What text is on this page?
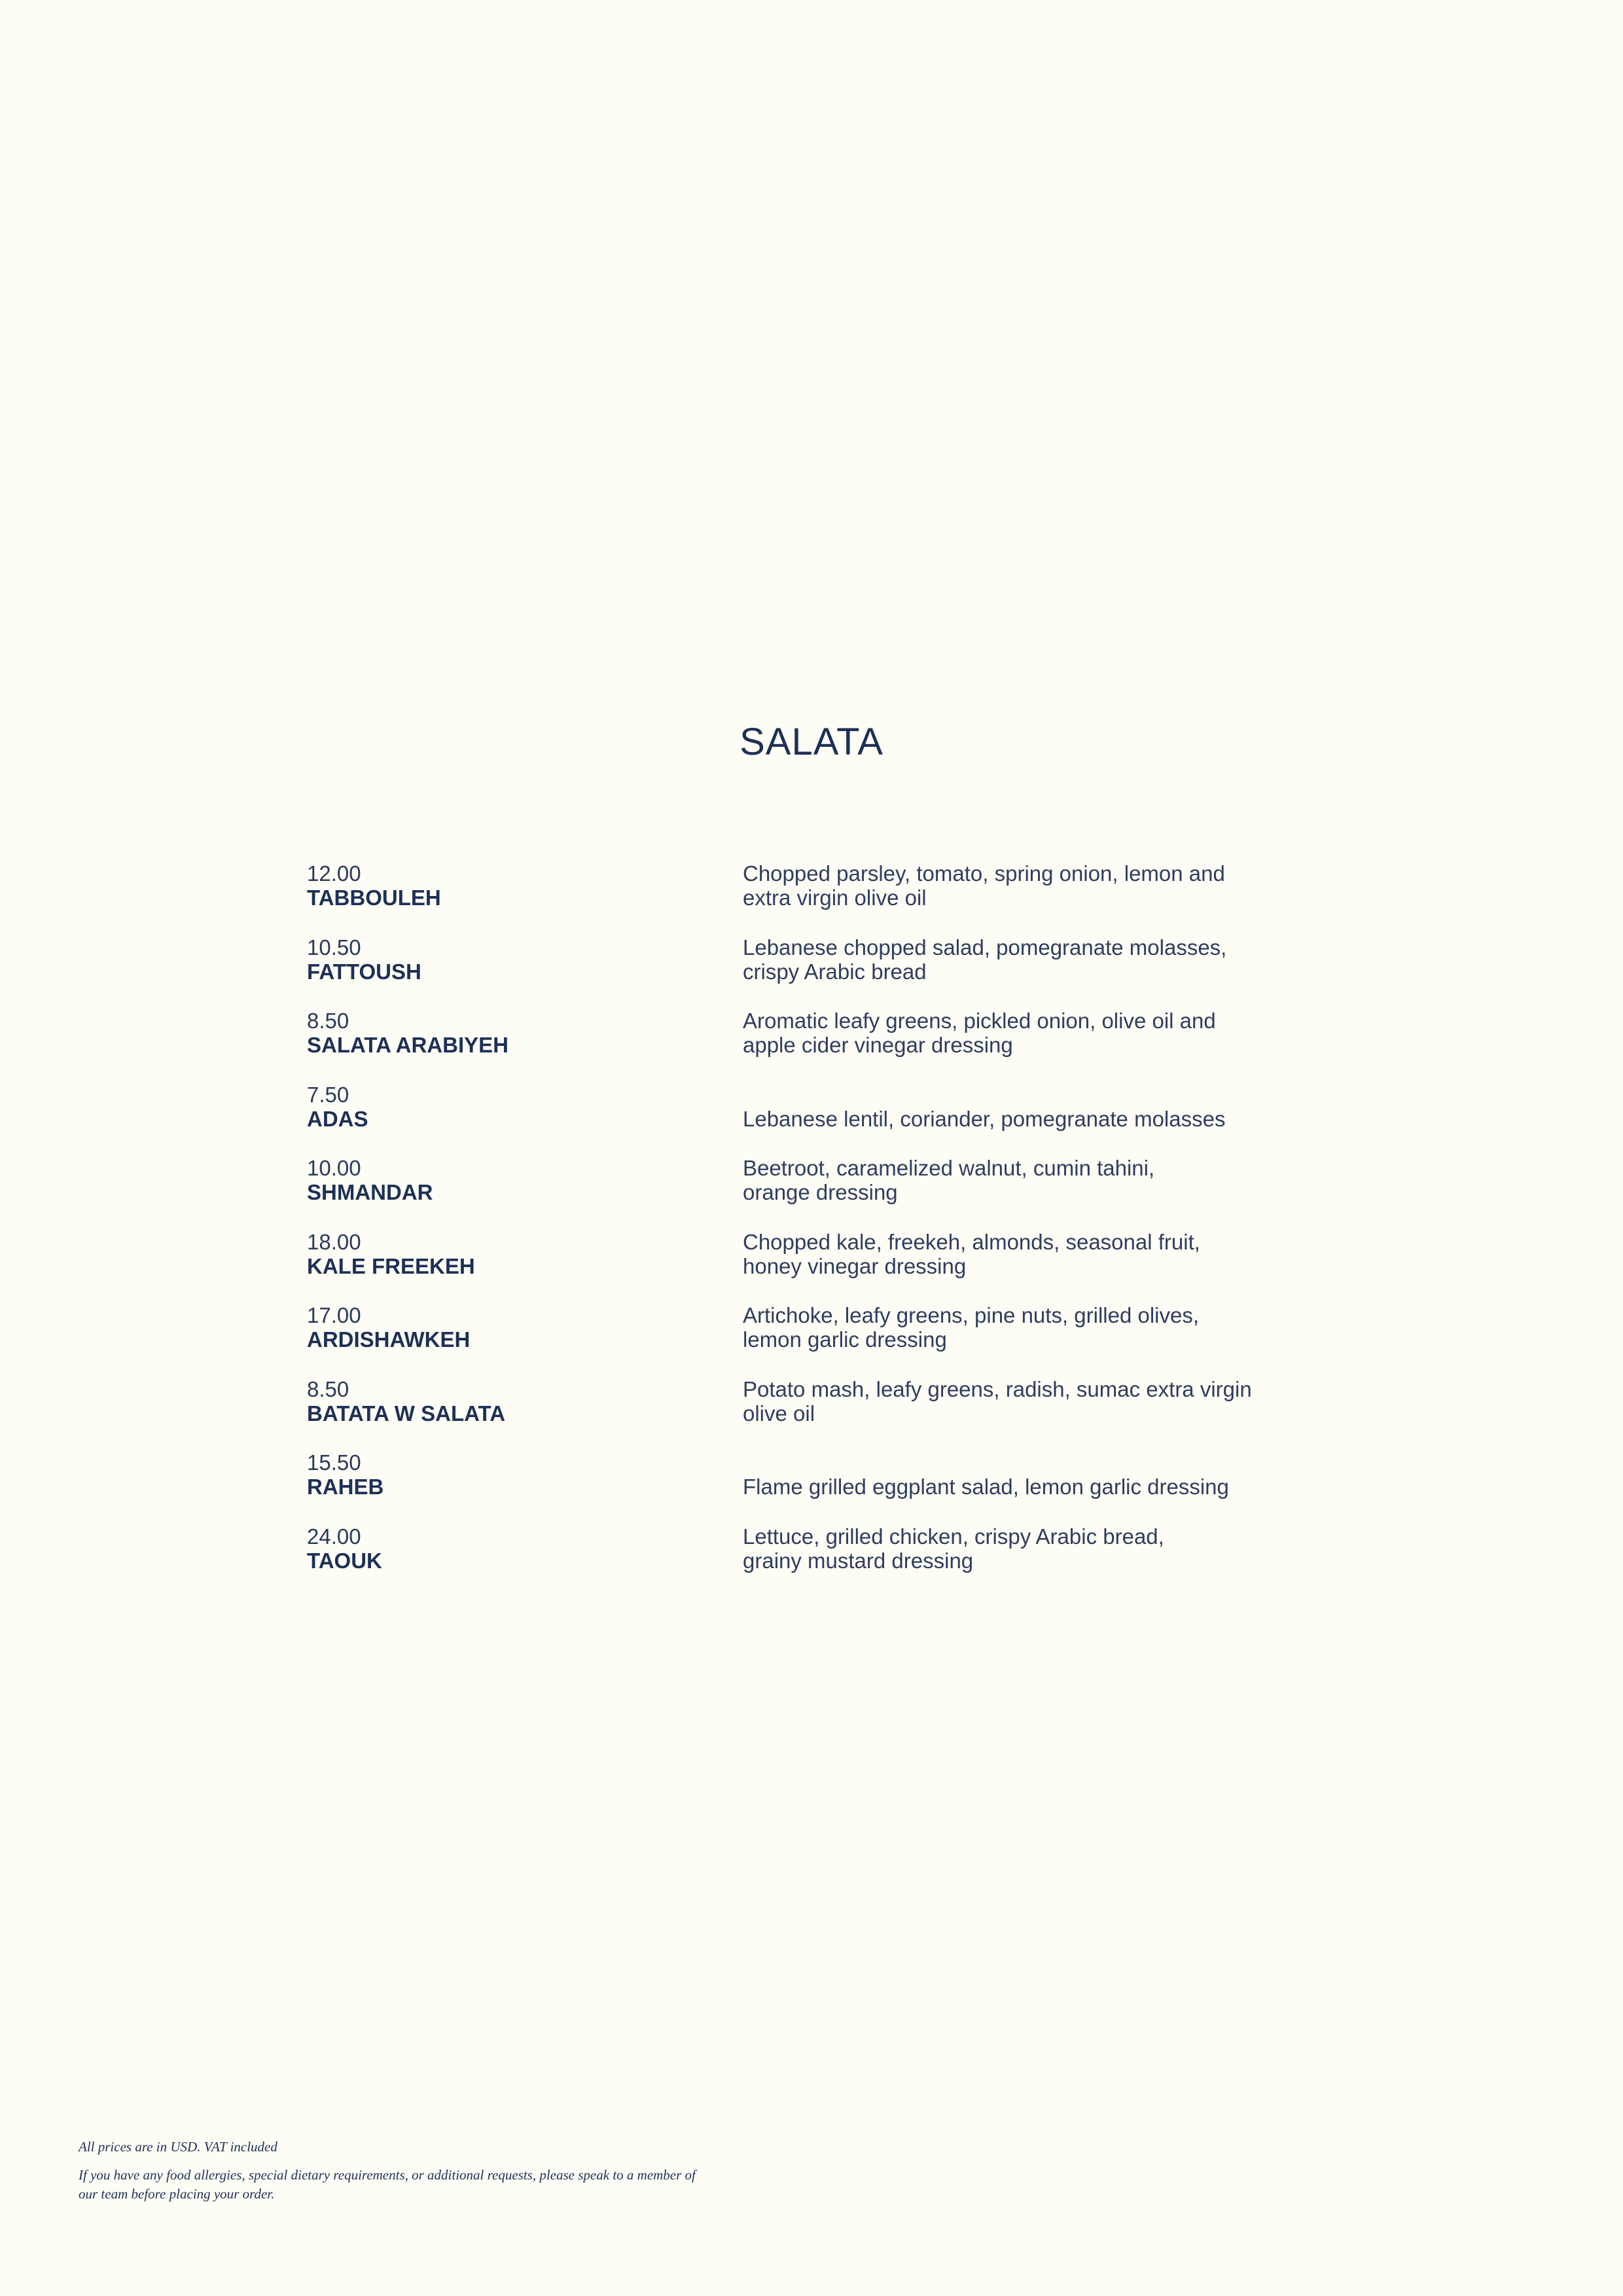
SALATA
12.00
TABBOULEH
Chopped parsley, tomato, spring onion, lemon and
extra virgin olive oil
10.50
FATTOUSH
Lebanese chopped salad, pomegranate molasses,
crispy Arabic bread
8.50
SALATA ARABIYEH
Aromatic leafy greens, pickled onion, olive oil and
apple cider vinegar dressing
7.50
ADAS	Lebanese lentil, coriander, pomegranate molasses
10.00
SHMANDAR
Beetroot, caramelized walnut, cumin tahini,
orange dressing
18.00
KALE FREEKEH
Chopped kale, freekeh, almonds, seasonal fruit,
honey vinegar dressing
17.00
ARDISHAWKEH
Artichoke, leafy greens, pine nuts, grilled olives,
lemon garlic dressing
8.50
BATATA W SALATA
Potato mash, leafy greens, radish, sumac extra virgin
olive oil
15.50
RAHEB	Flame grilled eggplant salad, lemon garlic dressing
24.00
TAOUK
Lettuce, grilled chicken, crispy Arabic bread,
grainy mustard dressing

All prices are in USD. VAT included

If you have any food allergies, special dietary requirements, or additional requests, please speak to a member of our team before placing your order.
